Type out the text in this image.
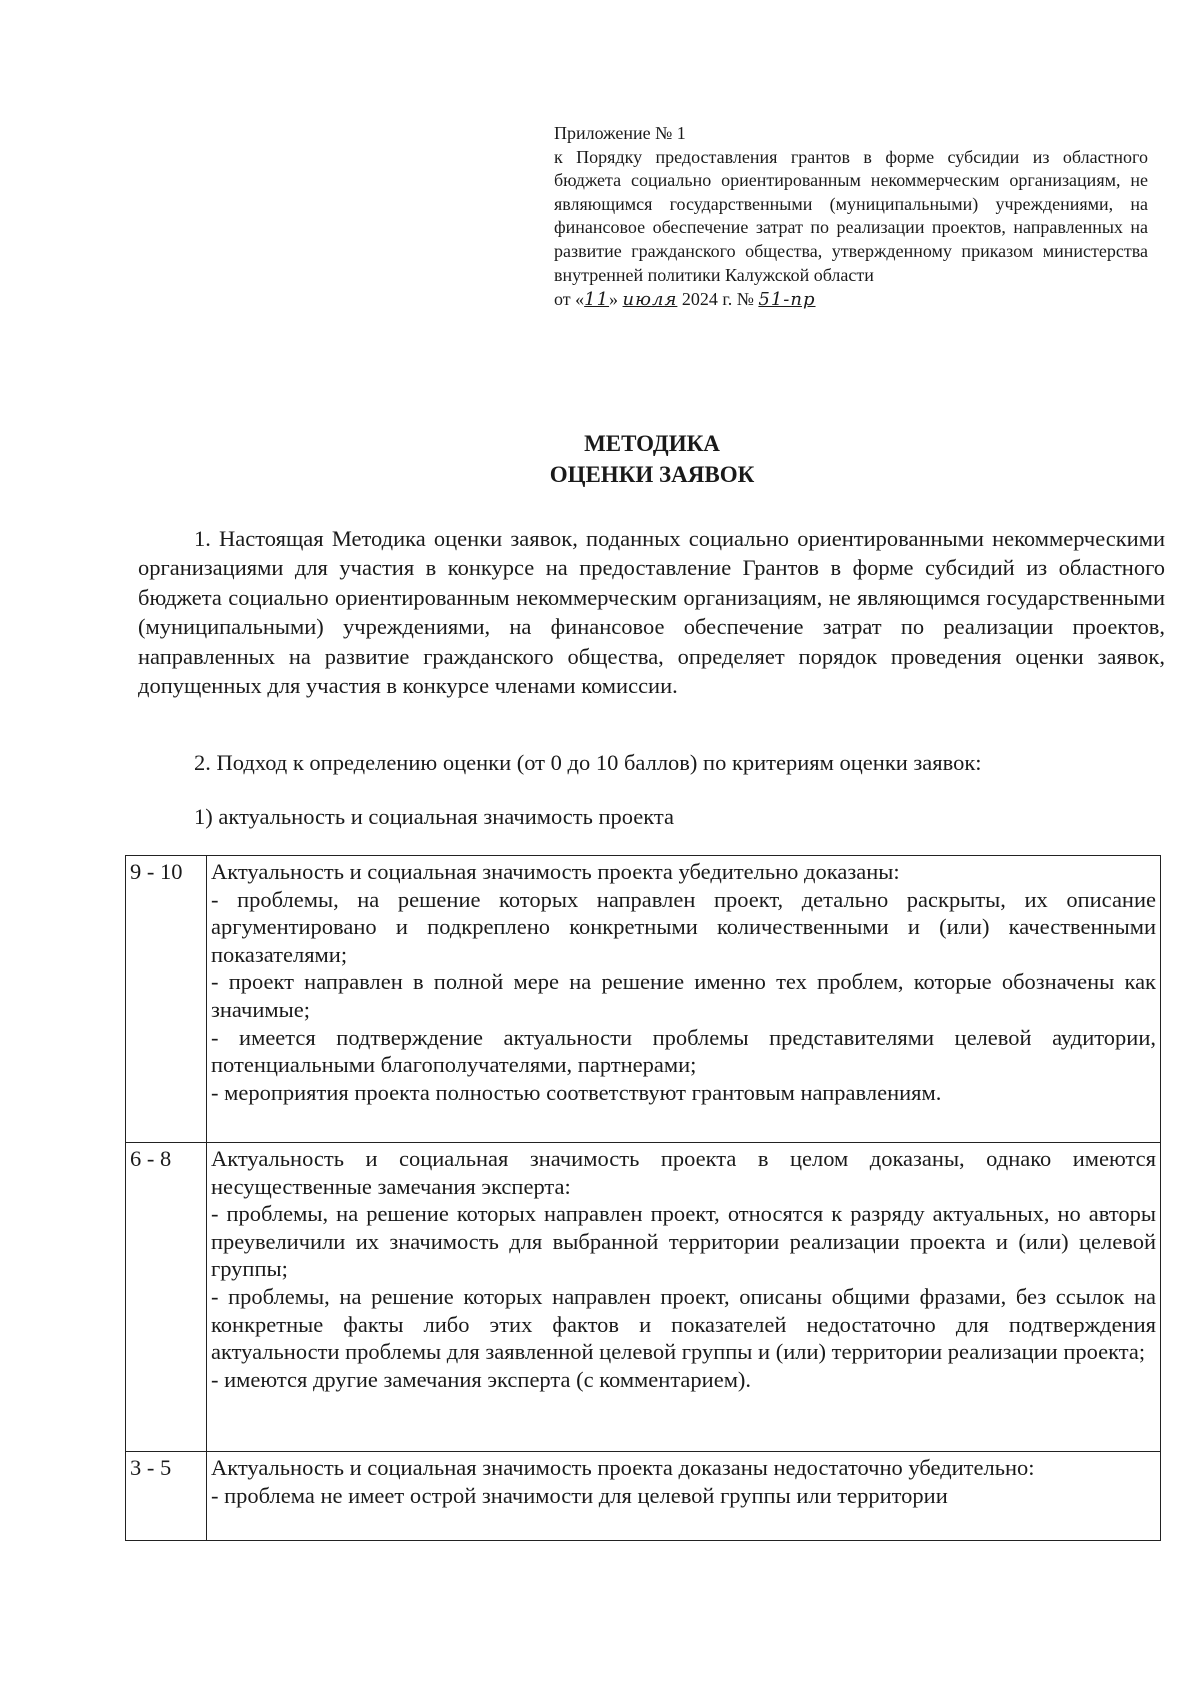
Приложение № 1
к Порядку предоставления грантов в форме субсидии из областного бюджета социально ориентированным некоммерческим организациям, не являющимся государственными (муниципальными) учреждениями, на финансовое обеспечение затрат по реализации проектов, направленных на развитие гражданского общества, утвержденному приказом министерства внутренней политики Калужской области
от «11» июля 2024 г. № 51-пр
МЕТОДИКА
ОЦЕНКИ ЗАЯВОК
1. Настоящая Методика оценки заявок, поданных социально ориентированными некоммерческими организациями для участия в конкурсе на предоставление Грантов в форме субсидий из областного бюджета социально ориентированным некоммерческим организациям, не являющимся государственными (муниципальными) учреждениями, на финансовое обеспечение затрат по реализации проектов, направленных на развитие гражданского общества, определяет порядок проведения оценки заявок, допущенных для участия в конкурсе членами комиссии.
2. Подход к определению оценки (от 0 до 10 баллов) по критериям оценки заявок:
1) актуальность и социальная значимость проекта
9 - 10	Актуальность и социальная значимость проекта убедительно доказаны:
- проблемы, на решение которых направлен проект, детально раскрыты, их описание аргументировано и подкреплено конкретными количественными и (или) качественными показателями;
- проект направлен в полной мере на решение именно тех проблем, которые обозначены как значимые;
- имеется подтверждение актуальности проблемы представителями целевой аудитории, потенциальными благополучателями, партнерами;
- мероприятия проекта полностью соответствуют грантовым направлениям.

6 - 8	Актуальность и социальная значимость проекта в целом доказаны, однако имеются несущественные замечания эксперта:
- проблемы, на решение которых направлен проект, относятся к разряду актуальных, но авторы преувеличили их значимость для выбранной территории реализации проекта и (или) целевой группы;
- проблемы, на решение которых направлен проект, описаны общими фразами, без ссылок на конкретные факты либо этих фактов и показателей недостаточно для подтверждения актуальности проблемы для заявленной целевой группы и (или) территории реализации проекта;
- имеются другие замечания эксперта (с комментарием).

3 - 5	Актуальность и социальная значимость проекта доказаны недостаточно убедительно:
- проблема не имеет острой значимости для целевой группы или территории
